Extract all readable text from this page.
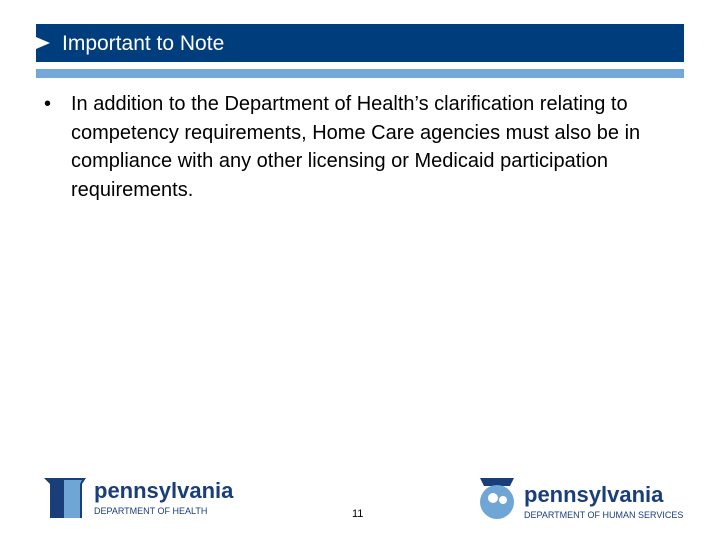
Important to Note
• In addition to the Department of Health’s clarification relating to competency requirements, Home Care agencies must also be in compliance with any other licensing or Medicaid participation requirements.
pennsylvania
DEPARTMENT OF HEALTH	11
pennsylvania
DEPARTMENT OF HUMAN SERVICES
